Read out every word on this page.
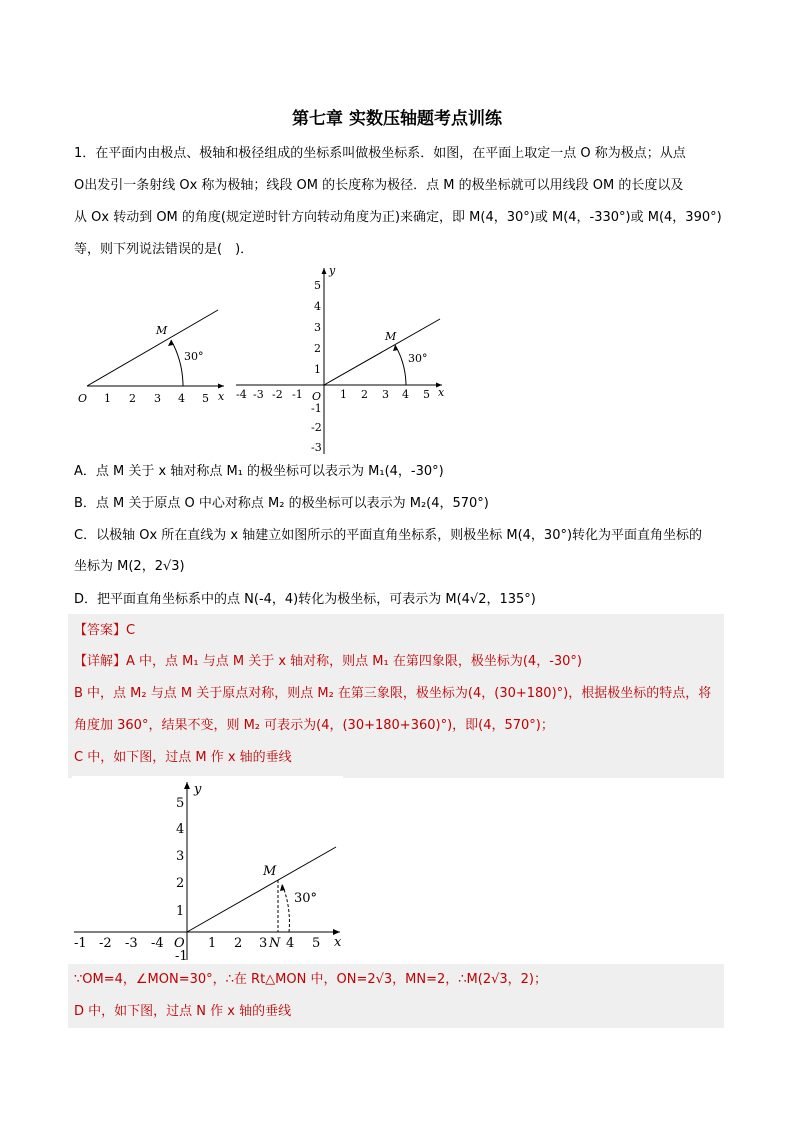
第七章 实数压轴题考点训练
1．在平面内由极点、极轴和极径组成的坐标系叫做极坐标系．如图，在平面上取定一点 O 称为极点；从点
O出发引一条射线 Ox 称为极轴；线段 OM 的长度称为极径．点 M 的极坐标就可以用线段 OM 的长度以及
从 Ox 转动到 OM 的角度(规定逆时针方向转动角度为正)来确定，即 M(4，30°)或 M(4，-330°)或 M(4，390°)
等，则下列说法错误的是(　)．
M
30°
O	x
1 2 3 4 5
M
30°
O	x
y
-1
-2
-3
-4	1 2 3 4 5
5
4
3
2
1
-1
-2
-3
A．点 M 关于 x 轴对称点 M₁ 的极坐标可以表示为 M₁(4，-30°)
B．点 M 关于原点 O 中心对称点 M₂ 的极坐标可以表示为 M₂(4，570°)
C．以极轴 Ox 所在直线为 x 轴建立如图所示的平面直角坐标系，则极坐标 M(4，30°)转化为平面直角坐标的
坐标为 M(2，2√3)
D．把平面直角坐标系中的点 N(-4，4)转化为极坐标，可表示为 M(4√2，135°)
【答案】C
【详解】A 中，点 M₁ 与点 M 关于 x 轴对称，则点 M₁ 在第四象限，极坐标为(4，-30°)
B 中，点 M₂ 与点 M 关于原点对称，则点 M₂ 在第三象限，极坐标为(4，(30+180)°)，根据极坐标的特点，将
角度加 360°，结果不变，则 M₂ 可表示为(4，(30+180+360)°)，即(4，570°)；
C 中，如下图，过点 M 作 x 轴的垂线
M
30°
O	N	x
y
-1 -2 -3 -4	1 2 3 4 5
5
4
3
2
1
-1
∵OM=4，∠MON=30°，∴在 Rt△MON 中，ON=2√3，MN=2，∴M(2√3，2)；
D 中，如下图，过点 N 作 x 轴的垂线
